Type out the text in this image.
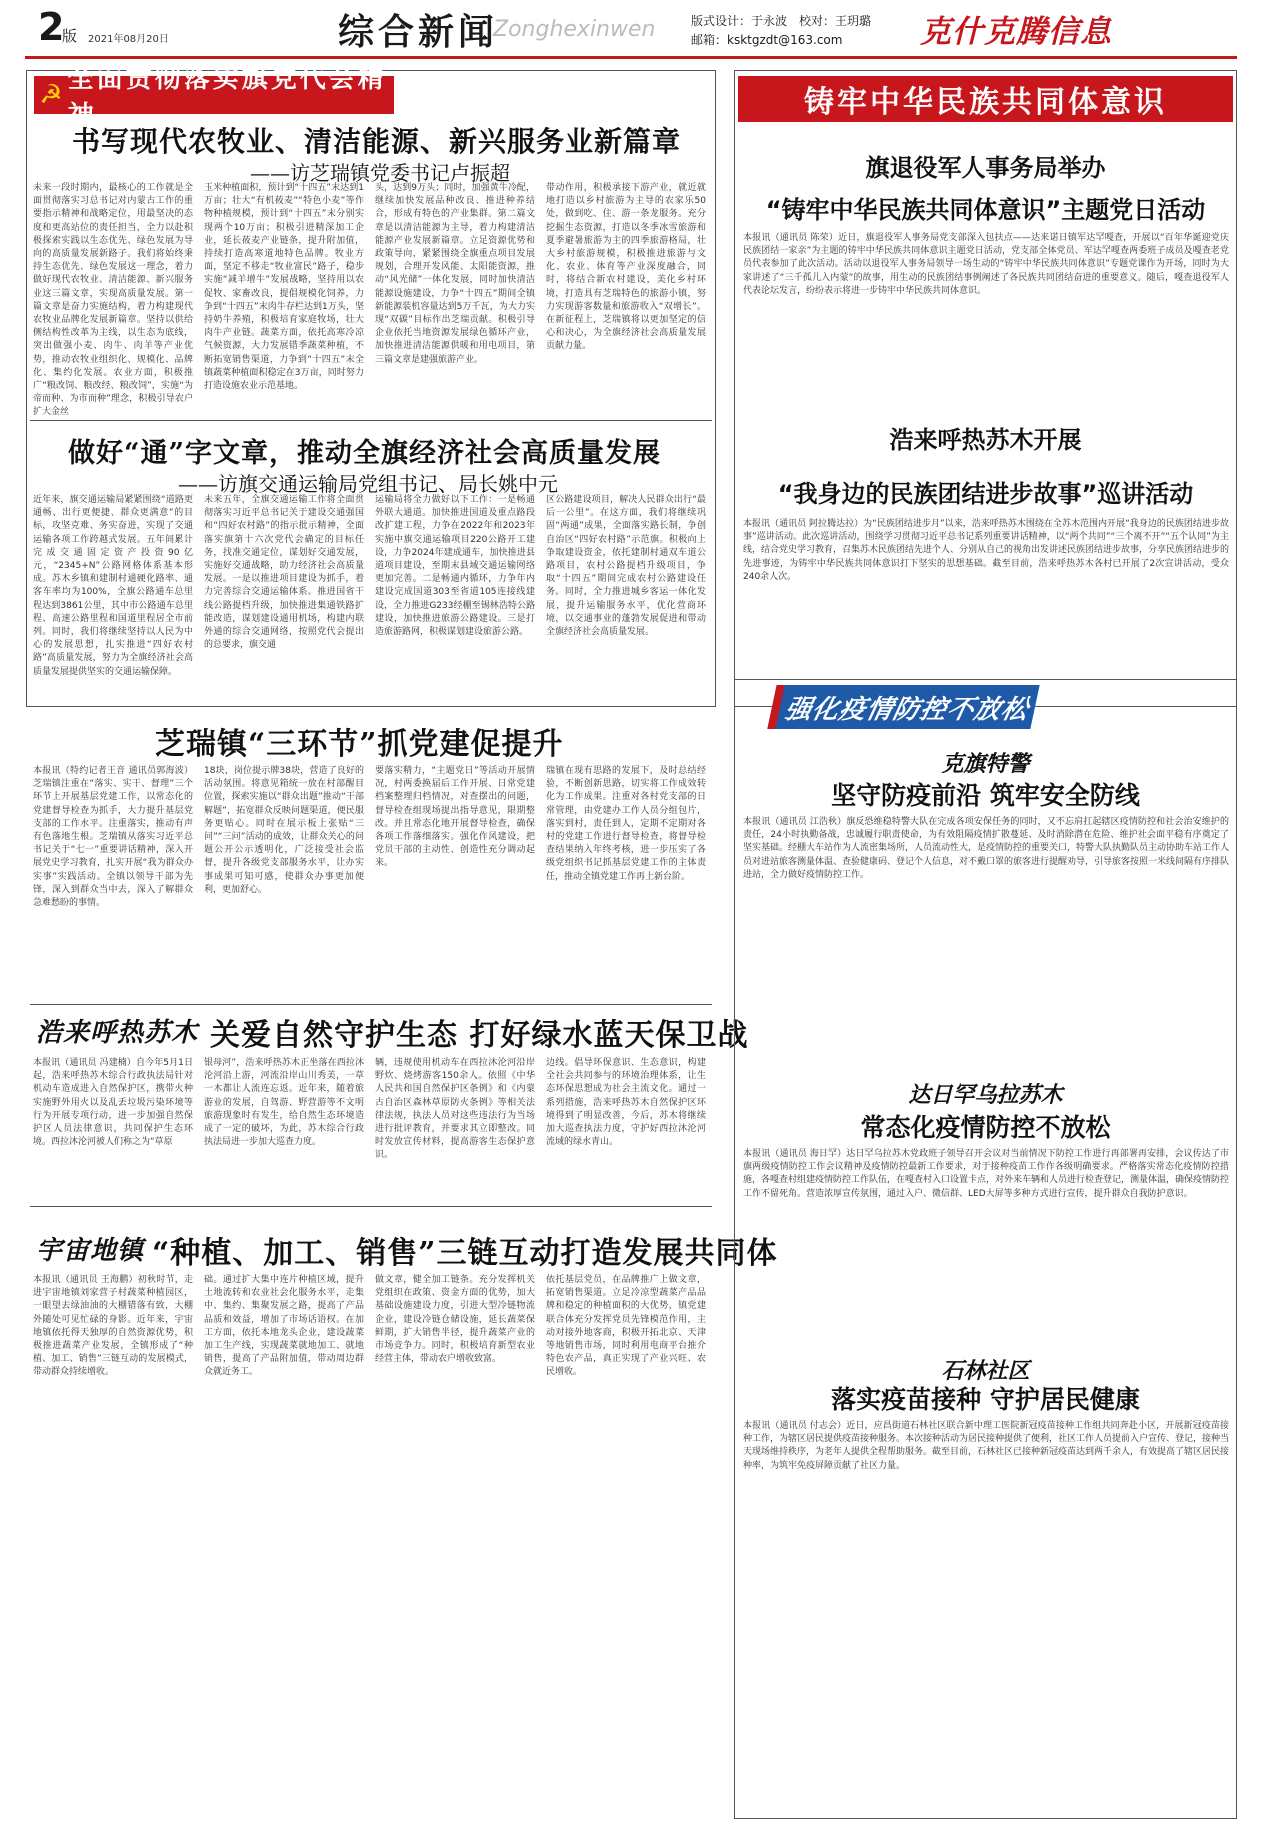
2
版 2021年08月20日	综合新闻
Zonghexinwen	版式设计：于永波　校对：王玥璐
邮箱：ksktgzdt@163.com	克什克腾信息
☭
全面贯彻落实旗党代会精神
书写现代农牧业、清洁能源、新兴服务业新篇章
——访芝瑞镇党委书记卢振超
未来一段时期内，最核心的工作就是全面贯彻落实习总书记对内蒙古工作的重要指示精神和战略定位，用最坚决的态度和更高站位的责任担当，全力以赴积极探索实践以生态优先、绿色发展为导向的高质量发展新路子。我们将始终秉持生态优先、绿色发展这一理念，着力做好现代农牧业、清洁能源、新兴服务业这三篇文章，实现高质量发展。第一篇文章是奋力实施结构，着力构建现代农牧业品牌化发展新篇章。坚持以供给侧结构性改革为主线，以生态为底线，突出做强小麦、肉牛、肉羊等产业优势，推动农牧业组织化、规模化、品牌化、集约化发展。农业方面，积极推广“粮改饲、粮改经、粮改饲”，实施“为帝而种、为市而种”理念，积极引导农户扩大金丝
玉米种植面积，预计到“十四五”末达到1万亩；壮大“有机莜麦”“特色小麦”等作物种植规模，预计到“十四五”末分别实现两个10万亩；积极引进精深加工企业，延长莜麦产业链条，提升附加值，持续打造高寒道地特色品牌。牧业方面，坚定不移走“牧业富民”路子，稳步实施“减羊增牛”发展战略，坚持用以农促牧、家畜改良，提倡规模化饲养，力争到“十四五”末肉牛存栏达到1万头，坚持奶牛养殖，积极培育家庭牧场，壮大肉牛产业链。蔬菜方面，依托高寒冷凉气候资源，大力发展错季蔬菜种植，不断拓宽销售渠道，力争到“十四五”末全镇蔬菜种植面积稳定在3万亩，同时努力打造设施农业示范基地。
头，达到9万头；同时，加强黄牛冷配，继续加快发展品种改良、推进种养结合，形成有特色的产业集群。第二篇文章是以清洁能源为主导，着力构建清洁能源产业发展新篇章。立足资源优势和政策导向，紧紧围绕全旗重点项目发展规划，合理开发风能、太阳能资源，推动“风光储”一体化发展，同时加快清洁能源设施建设，力争“十四五”期间全镇新能源装机容量达到5万千瓦，为大力实现“双碳”目标作出芝瑞贡献。积极引导企业依托当地资源发展绿色循环产业，加快推进清洁能源供暖和用电项目，第三篇文章是建强旅游产业。
带动作用，积极承接下游产业，就近就地打造以乡村旅游为主导的农家乐50处，做到吃、住、游一条龙服务。充分挖掘生态资源，打造以冬季冰雪旅游和夏季避暑旅游为主的四季旅游格局，壮大乡村旅游规模，积极推进旅游与文化、农业、体育等产业深度融合，同时，将结合新农村建设，美化乡村环境，打造具有芝瑞特色的旅游小镇，努力实现游客数量和旅游收入“双增长”。在新征程上，芝瑞镇将以更加坚定的信心和决心，为全旗经济社会高质量发展贡献力量。
做好“通”字文章，推动全旗经济社会高质量发展
——访旗交通运输局党组书记、局长姚中元
近年来，旗交通运输局紧紧围绕“道路更通畅、出行更便捷、群众更满意”的目标，攻坚克难、务实奋进，实现了交通运输各项工作跨越式发展。五年间累计完成交通固定资产投资90亿元，“2345+N”公路网格体系基本形成。苏木乡镇和建制村通硬化路率、通客车率均为100%，全旗公路通车总里程达到3861公里，其中市公路通车总里程、高速公路里程和国道里程居全市前列。同时，我们将继续坚持以人民为中心的发展思想，扎实推进“四好农村路”高质量发展，努力为全旗经济社会高质量发展提供坚实的交通运输保障。
未来五年，全旗交通运输工作将全面贯彻落实习近平总书记关于建设交通强国和“四好农村路”的指示批示精神，全面落实旗第十六次党代会确定的目标任务，找准交通定位，谋划好交通发展，实施好交通战略，助力经济社会高质量发展。一是以推进项目建设为抓手，着力完善综合交通运输体系。推进国省干线公路提档升级，加快推进集通铁路扩能改造，谋划建设通用机场，构建内联外通的综合交通网络，按照党代会提出的总要求，旗交通
运输局将全力做好以下工作：一是畅通外联大通道。加快推进国道及重点路段改扩建工程，力争在2022年和2023年实施中旗交通运输项目220公路开工建设，力争2024年建成通车，加快推进县道项目建设，至期末县域交通运输网络更加完善。二是畅通内循环，力争年内建设完成国道303至省道105连接线建设，全力推进G233经棚至锡林浩特公路建设，加快推进旅游公路建设。三是打造旅游路网，积极谋划建设旅游公路。
区公路建设项目，解决人民群众出行“最后一公里”。在这方面，我们将继续巩固“两通”成果，全面落实路长制，争创自治区“四好农村路”示范旗。积极向上争取建设资金，依托建制村通双车道公路项目，农村公路提档升级项目，争取“十四五”期间完成农村公路建设任务。同时，全力推进城乡客运一体化发展，提升运输服务水平，优化营商环境，以交通事业的蓬勃发展促进和带动全旗经济社会高质量发展。
芝瑞镇“三环节”抓党建促提升
本报讯（特约记者王音 通讯员郭海波）芝瑞镇注重在“落实、实干、督理”三个环节上开展基层党建工作，以常态化的党建督导检查为抓手，大力提升基层党支部的工作水平。注重落实，推动有声有色落地生根。芝瑞镇从落实习近平总书记关于“七一”重要讲话精神，深入开展党史学习教育，扎实开展“我为群众办实事”实践活动。全镇以领导干部为先锋，深入到群众当中去，深入了解群众急难愁盼的事情。
18块，岗位提示牌38块，营造了良好的活动氛围。将意见箱统一放在村部醒目位置，探索实施以“群众出题”推动“干部解题”，拓宽群众反映问题渠道，便民服务更贴心。同时在展示板上张贴“三问”“三问”活动的成效，让群众关心的问题公开公示透明化，广泛接受社会监督，提升各级党支部服务水平，让办实事成果可知可感，使群众办事更加便利，更加舒心。
要落实精力，“主题党日”等活动开展情况，村两委换届后工作开展、日常党建档案整理归档情况，对查摆出的问题，督导检查组现场提出指导意见，限期整改。并且常态化地开展督导检查，确保各项工作落细落实。强化作风建设，把党员干部的主动性、创造性充分调动起来。
瑞镇在现有思路的发展下，及时总结经验，不断创新思路，切实将工作成效转化为工作成果。注重对各村党支部的日常管理，由党建办工作人员分组包片，落实到村，责任到人，定期不定期对各村的党建工作进行督导检查，将督导检查结果纳入年终考核，进一步压实了各级党组织书记抓基层党建工作的主体责任，推动全镇党建工作再上新台阶。
浩来呼热苏木 关爱自然守护生态 打好绿水蓝天保卫战
本报讯（通讯员 冯建楠）自今年5月1日起，浩来呼热苏木综合行政执法局针对机动车造成进入自然保护区，携带火种实施野外用火以及乱丢垃圾污染环境等行为开展专项行动，进一步加强自然保护区人员法律意识，共同保护生态环境。西拉沐沦河被人们称之为“草原
银母河”，浩来呼热苏木正坐落在西拉沐沦河沿上游，河流沿岸山川秀美，一草一木都让人流连忘返。近年来，随着旅游业的发展，自驾游、野营游等不文明旅游现象时有发生，给自然生态环境造成了一定的破坏，为此，苏木综合行政执法局进一步加大巡查力度。
辆，违规使用机动车在西拉沐沦河沿岸野炊、烧烤游客150余人。依照《中华人民共和国自然保护区条例》和《内蒙古自治区森林草原防火条例》等相关法律法规，执法人员对这些违法行为当场进行批评教育，并要求其立即整改。同时发放宣传材料，提高游客生态保护意识。
边线。倡导环保意识、生态意识，构建全社会共同参与的环境治理体系，让生态环保思想成为社会主流文化。通过一系列措施，浩来呼热苏木自然保护区环境得到了明显改善，今后，苏木将继续加大巡查执法力度，守护好西拉沐沦河流域的绿水青山。
宇宙地镇 “种植、加工、销售”三链互动打造发展共同体
本报讯（通讯员 王海鹏）初秋时节，走进宇宙地镇刘家营子村蔬菜种植园区，一眼望去绿油油的大棚错落有致，大棚外随处可见忙碌的身影。近年来，宇宙地镇依托得天独厚的自然资源优势，积极推进蔬菜产业发展，全镇形成了“种植、加工、销售”三链互动的发展模式，带动群众持续增收。
础。通过扩大集中连片种植区域，提升土地流转和农业社会化服务水平，走集中、集约、集聚发展之路，提高了产品品质和效益，增加了市场话语权。在加工方面，依托本地龙头企业，建设蔬菜加工生产线，实现蔬菜就地加工、就地销售，提高了产品附加值，带动周边群众就近务工。
做文章，健全加工链条。充分发挥机关党组织在政策、资金方面的优势，加大基础设施建设力度，引进大型冷链物流企业，建设冷链仓储设施，延长蔬菜保鲜期，扩大销售半径，提升蔬菜产业的市场竞争力。同时，积极培育新型农业经营主体，带动农户增收致富。
依托基层党员，在品牌推广上做文章，拓宽销售渠道。立足冷凉型蔬菜产品品牌和稳定的种植面积的大优势，镇党建联合体充分发挥党员先锋模范作用，主动对接外地客商，积极开拓北京、天津等地销售市场，同时利用电商平台推介特色农产品，真正实现了产业兴旺、农民增收。
铸牢中华民族共同体意识
旗退役军人事务局举办
“铸牢中华民族共同体意识”主题党日活动
本报讯（通讯员 陈荣）近日，旗退役军人事务局党支部深入包扶点——达来诺日镇军达罕嘎查，开展以“百年华诞迎党庆 民族团结一家亲”为主题的铸牢中华民族共同体意识主题党日活动，党支部全体党员、军达罕嘎查两委班子成员及嘎查老党员代表参加了此次活动。活动以退役军人事务局领导一场生动的“铸牢中华民族共同体意识”专题党课作为开场，同时为大家讲述了“三千孤儿入内蒙”的故事，用生动的民族团结事例阐述了各民族共同团结奋进的重要意义。随后，嘎查退役军人代表论坛发言，纷纷表示将进一步铸牢中华民族共同体意识。
浩来呼热苏木开展
“我身边的民族团结进步故事”巡讲活动
本报讯（通讯员 阿拉腾达拉）为“民族团结进步月”以来，浩来呼热苏木围绕在全苏木范围内开展“我身边的民族团结进步故事”巡讲活动。此次巡讲活动，围绕学习贯彻习近平总书记系列重要讲话精神，以“两个共同”“三个离不开”“五个认同”为主线，结合党史学习教育，召集苏木民族团结先进个人、分别从自己的视角出发讲述民族团结进步故事，分享民族团结进步的先进事迹，为铸牢中华民族共同体意识打下坚实的思想基础。截至目前，浩来呼热苏木各村已开展了2次宣讲活动，受众240余人次。
强化疫情防控不放松
克旗特警
坚守防疫前沿 筑牢安全防线
本报讯（通讯员 江浩秋）旗反恐维稳特警大队在完成各项安保任务的同时，又不忘肩扛起辖区疫情防控和社会治安维护的责任，24小时执勤备战，忠诚履行职责使命，为有效阻隔疫情扩散蔓延、及时消除潜在危险、维护社会面平稳有序奠定了坚实基础。经棚大车站作为人流密集场所，人员流动性大，是疫情防控的重要关口，特警大队执勤队员主动协助车站工作人员对进站旅客测量体温、查验健康码、登记个人信息，对不戴口罩的旅客进行提醒劝导，引导旅客按照一米线间隔有序排队进站，全力做好疫情防控工作。
达日罕乌拉苏木
常态化疫情防控不放松
本报讯（通讯员 海日罕）达日罕乌拉苏木党政班子领导召开会议对当前情况下防控工作进行再部署再安排，会议传达了市旗两级疫情防控工作会议精神及疫情防控最新工作要求，对于接种疫苗工作作各级明确要求。严格落实常态化疫情防控措施，各嘎查村组建疫情防控工作队伍，在嘎查村入口设置卡点，对外来车辆和人员进行检查登记，测量体温，确保疫情防控工作不留死角。营造浓厚宣传氛围，通过入户、微信群、LED大屏等多种方式进行宣传，提升群众自我防护意识。
石林社区
落实疫苗接种 守护居民健康
本报讯（通讯员 付志会）近日，应昌街道石林社区联合新中理工医院新冠疫苗接种工作组共同奔赴小区，开展新冠疫苗接种工作，为辖区居民提供疫苗接种服务。本次接种活动为居民接种提供了便利，社区工作人员提前入户宣传、登记，接种当天现场维持秩序，为老年人提供全程帮助服务。截至目前，石林社区已接种新冠疫苗达到两千余人，有效提高了辖区居民接种率，为筑牢免疫屏障贡献了社区力量。
